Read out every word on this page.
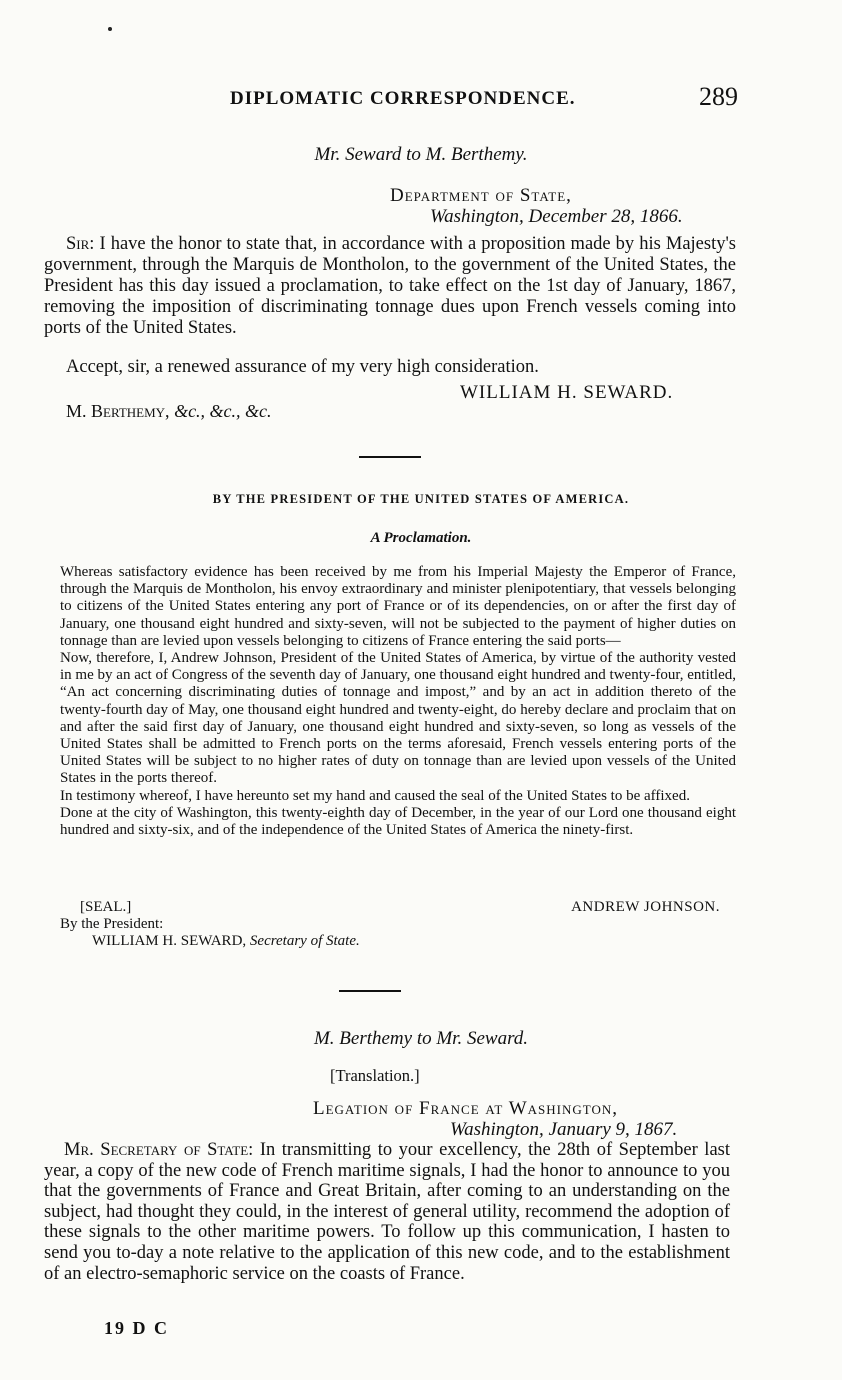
DIPLOMATIC CORRESPONDENCE.	289
Mr. Seward to M. Berthemy.
Department of State,
Washington, December 28, 1866.

Sir: I have the honor to state that, in accordance with a proposition made by his Majesty's government, through the Marquis de Montholon, to the government of the United States, the President has this day issued a proclamation, to take effect on the 1st day of January, 1867, removing the imposition of discriminating tonnage dues upon French vessels coming into ports of the United States.

Accept, sir, a renewed assurance of my very high consideration.
WILLIAM H. SEWARD.
M. Berthemy, &c., &c., &c.
BY THE PRESIDENT OF THE UNITED STATES OF AMERICA.
A Proclamation.

Whereas satisfactory evidence has been received by me from his Imperial Majesty the Emperor of France, through the Marquis de Montholon, his envoy extraordinary and minister plenipotentiary, that vessels belonging to citizens of the United States entering any port of France or of its dependencies, on or after the first day of January, one thousand eight hundred and sixty-seven, will not be subjected to the payment of higher duties on tonnage than are levied upon vessels belonging to citizens of France entering the said ports—

Now, therefore, I, Andrew Johnson, President of the United States of America, by virtue of the authority vested in me by an act of Congress of the seventh day of January, one thousand eight hundred and twenty-four, entitled, “An act concerning discriminating duties of tonnage and impost,” and by an act in addition thereto of the twenty-fourth day of May, one thousand eight hundred and twenty-eight, do hereby declare and proclaim that on and after the said first day of January, one thousand eight hundred and sixty-seven, so long as vessels of the United States shall be admitted to French ports on the terms aforesaid, French vessels entering ports of the United States will be subject to no higher rates of duty on tonnage than are levied upon vessels of the United States in the ports thereof.

In testimony whereof, I have hereunto set my hand and caused the seal of the United States to be affixed.

Done at the city of Washington, this twenty-eighth day of December, in the year of our Lord one thousand eight hundred and sixty-six, and of the independence of the United States of America the ninety-first.

[SEAL.]	ANDREW JOHNSON.
By the President:
WILLIAM H. SEWARD, Secretary of State.
M. Berthemy to Mr. Seward.
[Translation.]
Legation of France at Washington,
Washington, January 9, 1867.

Mr. Secretary of State: In transmitting to your excellency, the 28th of September last year, a copy of the new code of French maritime signals, I had the honor to announce to you that the governments of France and Great Britain, after coming to an understanding on the subject, had thought they could, in the interest of general utility, recommend the adoption of these signals to the other maritime powers. To follow up this communication, I hasten to send you to-day a note relative to the application of this new code, and to the establishment of an electro-semaphoric service on the coasts of France.

19 D C
